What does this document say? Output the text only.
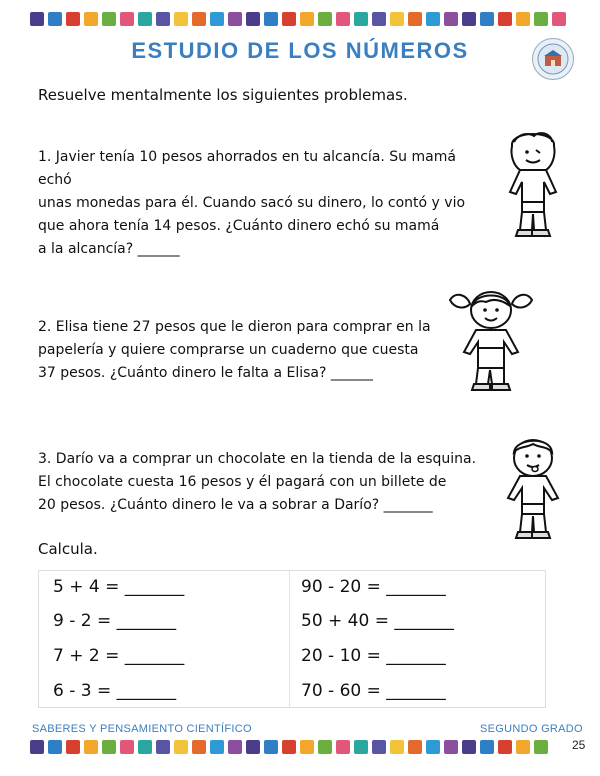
ESTUDIO DE LOS NÚMEROS
Resuelve mentalmente los siguientes problemas.
1. Javier tenía 10 pesos ahorrados en tu alcancía. Su mamá echó
unas monedas para él. Cuando sacó su dinero, lo contó y vio
que ahora tenía 14 pesos. ¿Cuánto dinero echó su mamá
a la alcancía? ______
2. Elisa tiene 27 pesos que le dieron para comprar en la
papelería y quiere comprarse un cuaderno que cuesta
37 pesos. ¿Cuánto dinero le falta a Elisa? ______
3. Darío va a comprar un chocolate en la tienda de la esquina.
El chocolate cuesta 16 pesos y él pagará con un billete de
20 pesos. ¿Cuánto dinero le va a sobrar a Darío? _______
Calcula.
5 + 4 = _______
9 - 2 = _______
7 + 2 = _______
6 - 3 = _______
90 - 20 = _______
50 + 40 = _______
20 - 10 = _______
70 - 60 = _______
SABERES Y PENSAMIENTO CIENTÍFICO	SEGUNDO GRADO
25
